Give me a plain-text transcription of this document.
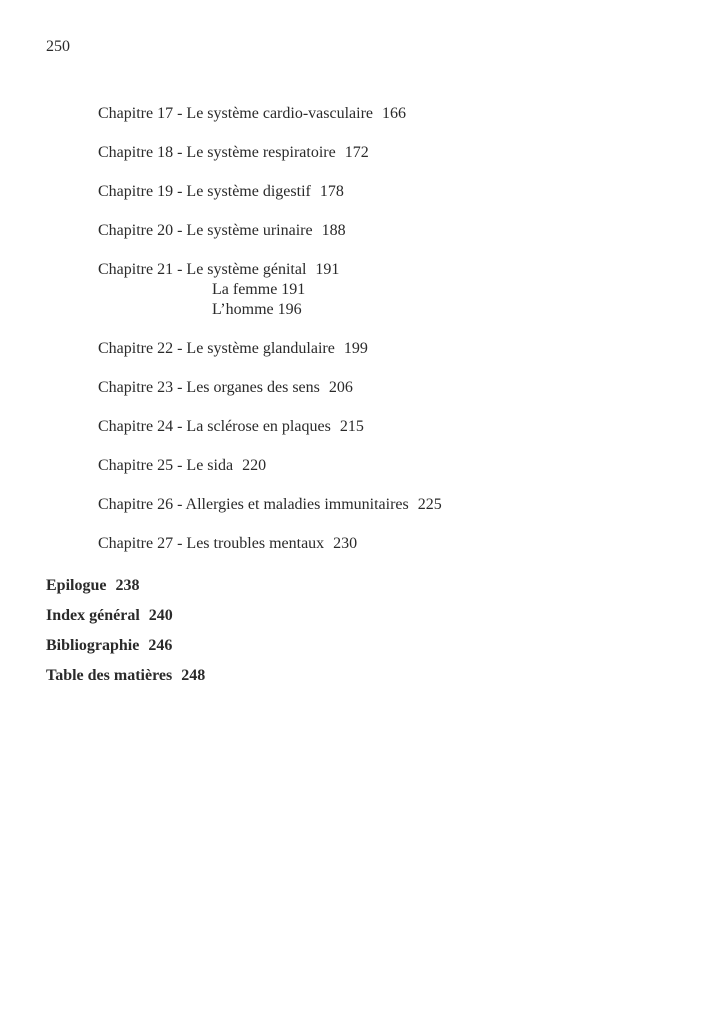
250
Chapitre 17 - Le système cardio-vasculaire 166
Chapitre 18 - Le système respiratoire 172
Chapitre 19 - Le système digestif 178
Chapitre 20 - Le système urinaire 188
Chapitre 21 - Le système génital 191
La femme 191
L’homme 196
Chapitre 22 - Le système glandulaire 199
Chapitre 23 - Les organes des sens 206
Chapitre 24 - La sclérose en plaques 215
Chapitre 25 - Le sida 220
Chapitre 26 - Allergies et maladies immunitaires 225
Chapitre 27 - Les troubles mentaux 230
Epilogue 238
Index général 240
Bibliographie 246
Table des matières 248
